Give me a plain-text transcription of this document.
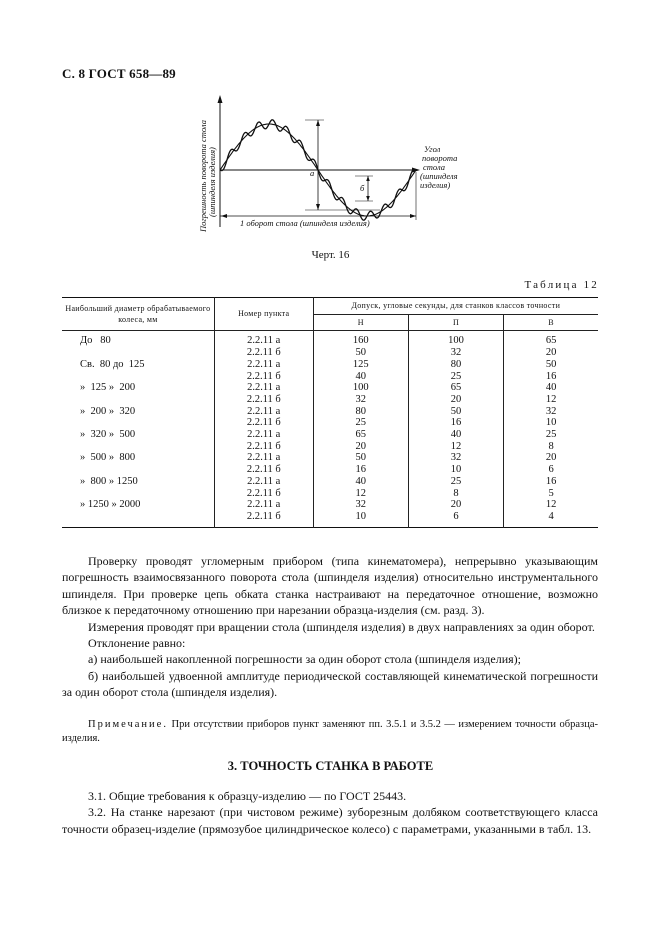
С. 8 ГОСТ 658—89
a
б
1 оборот стола (шпинделя изделия)
Угол
поворота
стола
(шпинделя
изделия)
Погрешность поворота стола (шпинделя изделия)
Черт. 16
Таблица 12
Наибольший диаметр обрабатываемого колеса, мм	Номер пункта	Допуск, угловые секунды, для станков классов точности		
		Н	П	В

До   80	2.2.11 а	160	100	65
	2.2.11 б	50	32	20
Св.  80 до  125	2.2.11 а	125	80	50
	2.2.11 б	40	25	16
»  125 »  200	2.2.11 а	100	65	40
	2.2.11 б	32	20	12
»  200 »  320	2.2.11 а	80	50	32
	2.2.11 б	25	16	10
»  320 »  500	2.2.11 а	65	40	25
	2.2.11 б	20	12	8
»  500 »  800	2.2.11 а	50	32	20
	2.2.11 б	16	10	6
»  800 » 1250	2.2.11 а	40	25	16
	2.2.11 б	12	8	5
» 1250 » 2000	2.2.11 а	32	20	12
	2.2.11 б	10	6	4

Проверку проводят угломерным прибором (типа кинематомера), непрерывно указывающим погрешность взаимосвязанного поворота стола (шпинделя изделия) относительно инструментального шпинделя. При проверке цепь обката станка настраивают на передаточное отношение, возможно близкое к передаточному отношению при нарезании образца-изделия (см. разд. 3).

Измерения проводят при вращении стола (шпинделя изделия) в двух направлениях за один оборот.

Отклонение равно:

а) наибольшей накопленной погрешности за один оборот стола (шпинделя изделия);

б) наибольшей удвоенной амплитуде периодической составляющей кинематической погрешности за один оборот стола (шпинделя изделия).

Примечание. При отсутствии приборов пункт заменяют пп. 3.5.1 и 3.5.2 — измерением точности образца-изделия.

3. ТОЧНОСТЬ СТАНКА В РАБОТЕ

3.1. Общие требования к образцу-изделию — по ГОСТ 25443.

3.2. На станке нарезают (при чистовом режиме) зуборезным долбяком соответствующего класса точности образец-изделие (прямозубое цилиндрическое колесо) с параметрами, указанными в табл. 13.
